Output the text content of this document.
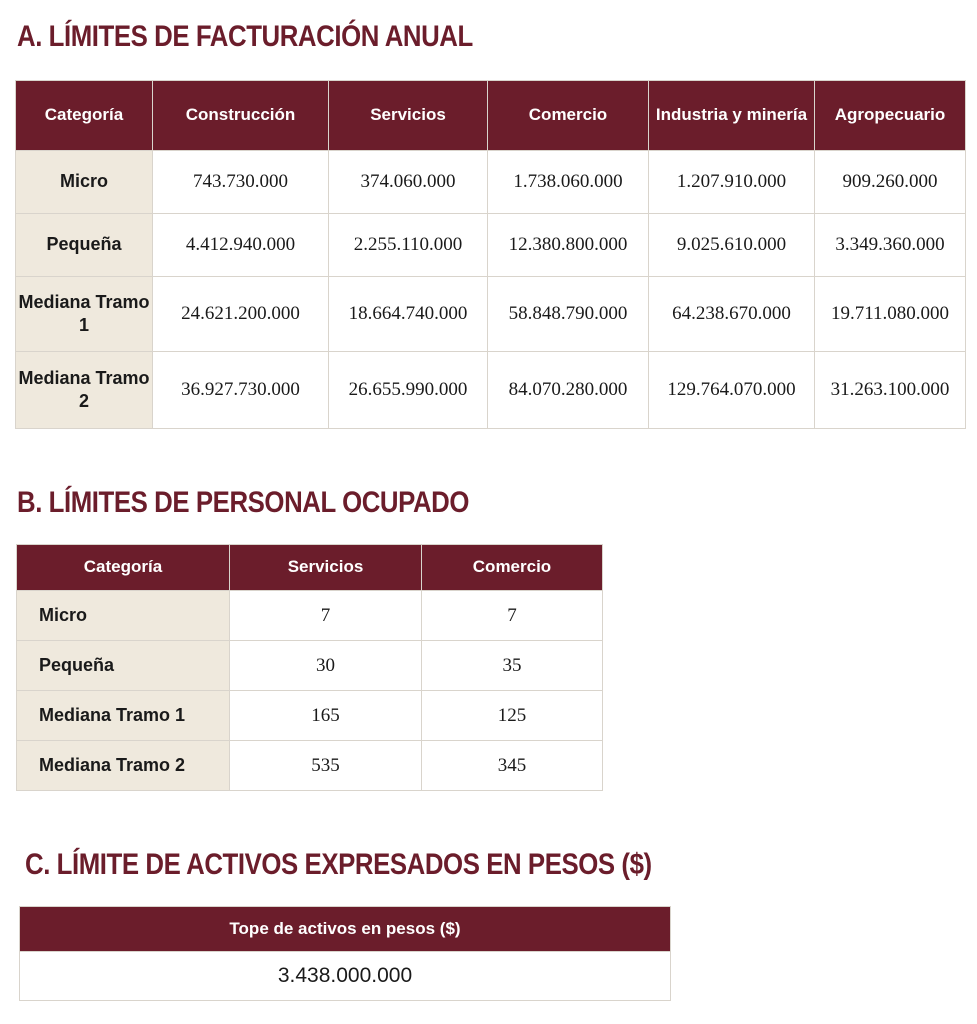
A. LÍMITES DE FACTURACIÓN ANUAL
Categoría	Construcción	Servicios	Comercio	Industria y minería	Agropecuario
Micro	743.730.000	374.060.000	1.738.060.000	1.207.910.000	909.260.000
Pequeña	4.412.940.000	2.255.110.000	12.380.800.000	9.025.610.000	3.349.360.000
Mediana Tramo 1	24.621.200.000	18.664.740.000	58.848.790.000	64.238.670.000	19.711.080.000
Mediana Tramo 2	36.927.730.000	26.655.990.000	84.070.280.000	129.764.070.000	31.263.100.000
B. LÍMITES DE PERSONAL OCUPADO
Categoría	Servicios	Comercio
Micro	7	7
Pequeña	30	35
Mediana Tramo 1	165	125
Mediana Tramo 2	535	345
C. LÍMITE DE ACTIVOS EXPRESADOS EN PESOS ($)
Tope de activos en pesos ($)
3.438.000.000
